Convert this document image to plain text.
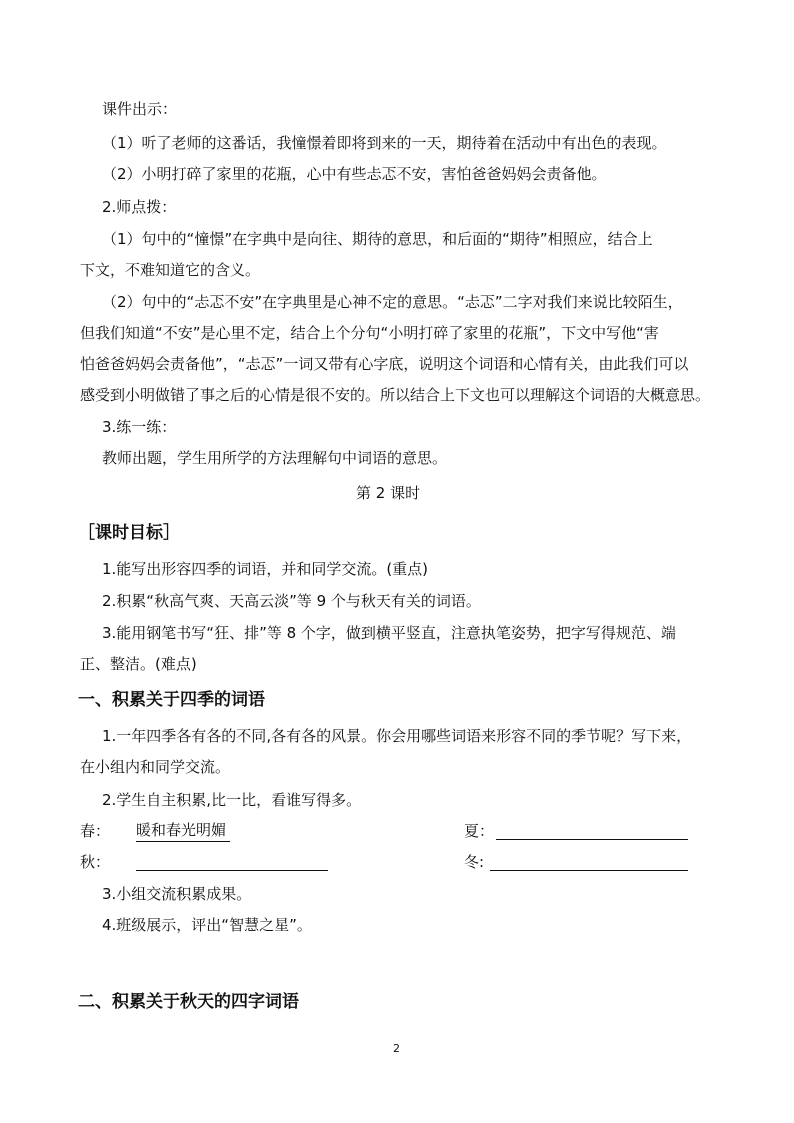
课件出示：
（1）听了老师的这番话，我憧憬着即将到来的一天，期待着在活动中有出色的表现。
（2）小明打碎了家里的花瓶，心中有些忐忑不安，害怕爸爸妈妈会责备他。
2.师点拨：
（1）句中的“憧憬”在字典中是向往、期待的意思，和后面的“期待”相照应，结合上
下文，不难知道它的含义。
（2）句中的“忐忑不安”在字典里是心神不定的意思。“忐忑”二字对我们来说比较陌生，
但我们知道“不安”是心里不定，结合上个分句“小明打碎了家里的花瓶”，下文中写他“害
怕爸爸妈妈会责备他”，“忐忑”一词又带有心字底，说明这个词语和心情有关，由此我们可以
感受到小明做错了事之后的心情是很不安的。所以结合上下文也可以理解这个词语的大概意思。
3.练一练：
教师出题，学生用所学的方法理解句中词语的意思。
第 2 课时
［课时目标］
1.能写出形容四季的词语，并和同学交流。(重点)
2.积累“秋高气爽、天高云淡”等 9 个与秋天有关的词语。
3.能用钢笔书写“狂、排”等 8 个字，做到横平竖直，注意执笔姿势，把字写得规范、端
正、整洁。(难点)
一、积累关于四季的词语
1.一年四季各有各的不同,各有各的风景。你会用哪些词语来形容不同的季节呢？写下来，
在小组内和同学交流。
2.学生自主积累,比一比，看谁写得多。
春： 暖和春光明媚	夏：
秋：	冬:
3.小组交流积累成果。
4.班级展示，评出“智慧之星”。
二、积累关于秋天的四字词语
2
